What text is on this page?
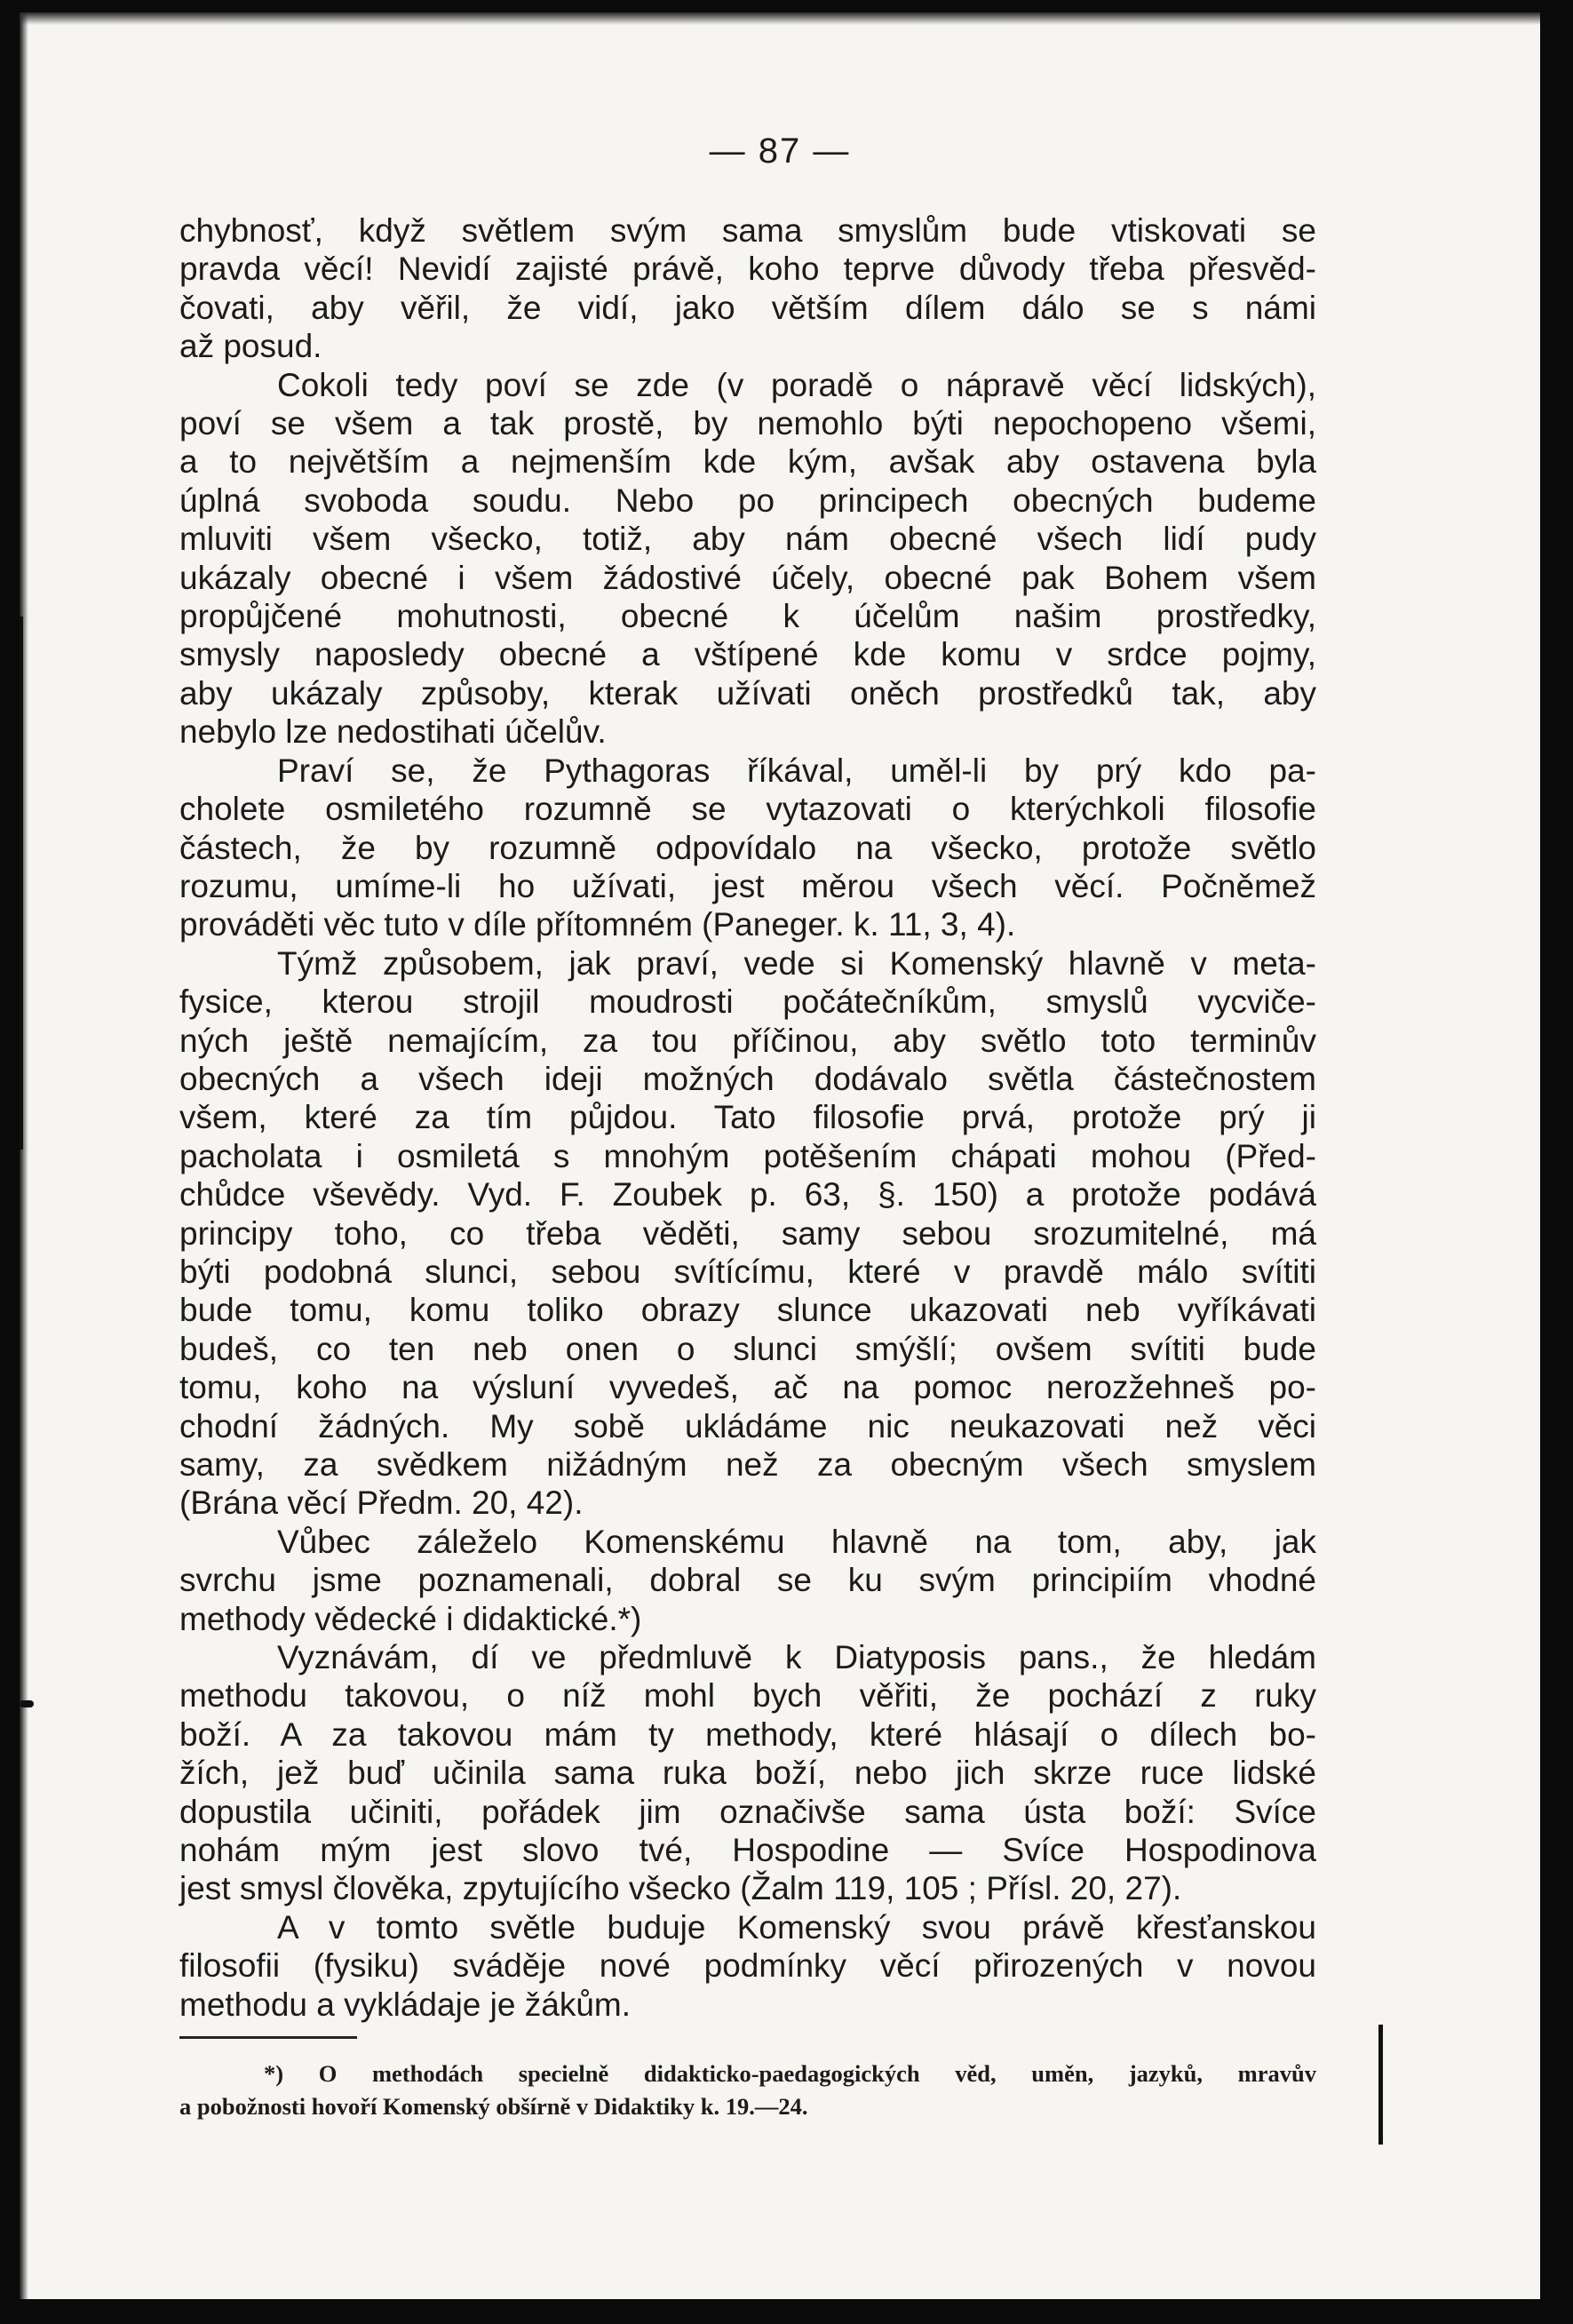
— 87 —
chybnosť, když světlem svým sama smyslům bude vtiskovati se
pravda věcí! Nevidí zajisté právě, koho teprve důvody třeba přesvěd-
čovati, aby věřil, že vidí, jako větším dílem dálo se s námi
až posud.
Cokoli tedy poví se zde (v poradě o nápravě věcí lidských),
poví se všem a tak prostě, by nemohlo býti nepochopeno všemi,
a to největším a nejmenším kde kým, avšak aby ostavena byla
úplná svoboda soudu. Nebo po principech obecných budeme
mluviti všem všecko, totiž, aby nám obecné všech lidí pudy
ukázaly obecné i všem žádostivé účely, obecné pak Bohem všem
propůjčené mohutnosti, obecné k účelům našim prostředky,
smysly naposledy obecné a vštípené kde komu v srdce pojmy,
aby ukázaly způsoby, kterak užívati oněch prostředků tak, aby
nebylo lze nedostihati účelův.
Praví se, že Pythagoras říkával, uměl-li by prý kdo pa-
cholete osmiletého rozumně se vytazovati o kterýchkoli filosofie
částech, že by rozumně odpovídalo na všecko, protože světlo
rozumu, umíme-li ho užívati, jest měrou všech věcí. Počněmež
prováděti věc tuto v díle přítomném (Paneger. k. 11, 3, 4).
Týmž způsobem, jak praví, vede si Komenský hlavně v meta-
fysice, kterou strojil moudrosti počátečníkům, smyslů vycviče-
ných ještě nemajícím, za tou příčinou, aby světlo toto terminův
obecných a všech ideji možných dodávalo světla částečnostem
všem, které za tím půjdou. Tato filosofie prvá, protože prý ji
pacholata i osmiletá s mnohým potěšením chápati mohou (Před-
chůdce vševědy. Vyd. F. Zoubek p. 63, §. 150) a protože podává
principy toho, co třeba věděti, samy sebou srozumitelné, má
býti podobná slunci, sebou svítícímu, které v pravdě málo svítiti
bude tomu, komu toliko obrazy slunce ukazovati neb vyříkávati
budeš, co ten neb onen o slunci smýšlí; ovšem svítiti bude
tomu, koho na výsluní vyvedeš, ač na pomoc nerozžehneš po-
chodní žádných. My sobě ukládáme nic neukazovati než věci
samy, za svědkem nižádným než za obecným všech smyslem
(Brána věcí Předm. 20, 42).
Vůbec záleželo Komenskému hlavně na tom, aby, jak
svrchu jsme poznamenali, dobral se ku svým principiím vhodné
methody vědecké i didaktické.*)
Vyznávám, dí ve předmluvě k Diatyposis pans., že hledám
methodu takovou, o níž mohl bych věřiti, že pochází z ruky
boží. A za takovou mám ty methody, které hlásají o dílech bo-
žích, jež buď učinila sama ruka boží, nebo jich skrze ruce lidské
dopustila učiniti, pořádek jim označivše sama ústa boží: Svíce
nohám mým jest slovo tvé, Hospodine — Svíce Hospodinova
jest smysl člověka, zpytujícího všecko (Žalm 119, 105 ; Přísl. 20, 27).
A v tomto světle buduje Komenský svou právě křesťanskou
filosofii (fysiku) sváděje nové podmínky věcí přirozených v novou
methodu a vykládaje je žákům.
*) O methodách specielně didakticko-paedagogických věd, uměn, jazyků, mravův
a pobožnosti hovoří Komenský obšírně v Didaktiky k. 19.—24.
